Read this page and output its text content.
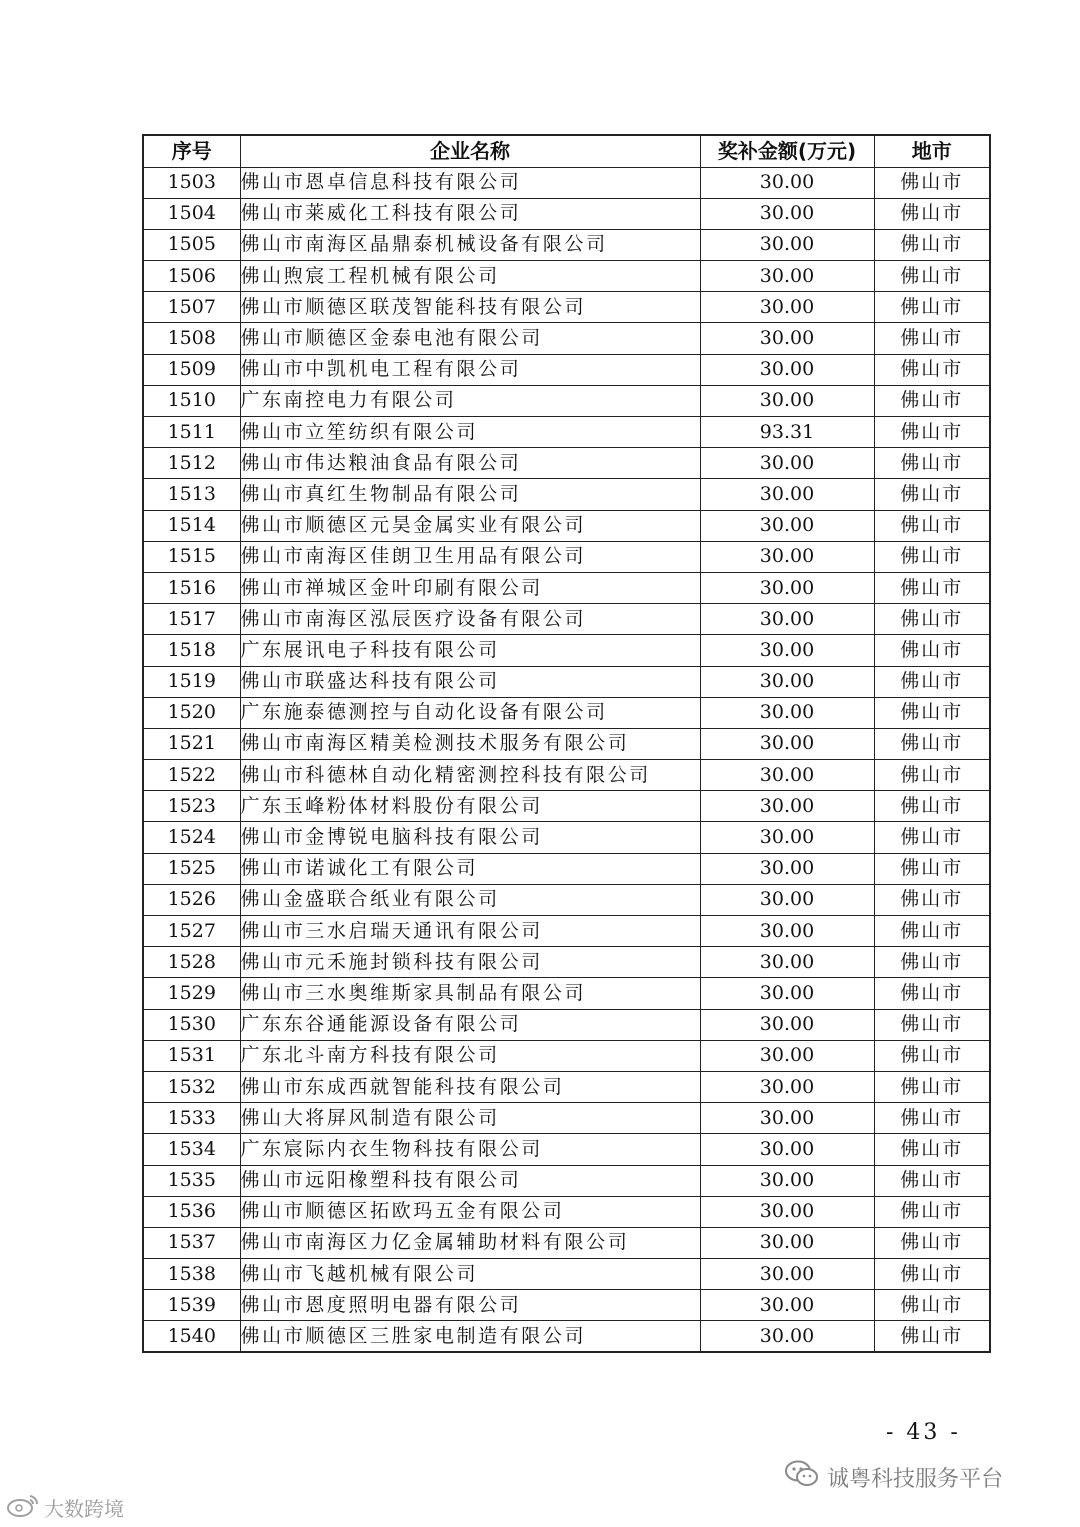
序号	企业名称	奖补金额(万元)	地市
1503	佛山市恩卓信息科技有限公司	30.00	佛山市
1504	佛山市莱威化工科技有限公司	30.00	佛山市
1505	佛山市南海区晶鼎泰机械设备有限公司	30.00	佛山市
1506	佛山煦宸工程机械有限公司	30.00	佛山市
1507	佛山市顺德区联茂智能科技有限公司	30.00	佛山市
1508	佛山市顺德区金泰电池有限公司	30.00	佛山市
1509	佛山市中凯机电工程有限公司	30.00	佛山市
1510	广东南控电力有限公司	30.00	佛山市
1511	佛山市立笙纺织有限公司	93.31	佛山市
1512	佛山市伟达粮油食品有限公司	30.00	佛山市
1513	佛山市真红生物制品有限公司	30.00	佛山市
1514	佛山市顺德区元昊金属实业有限公司	30.00	佛山市
1515	佛山市南海区佳朗卫生用品有限公司	30.00	佛山市
1516	佛山市禅城区金叶印刷有限公司	30.00	佛山市
1517	佛山市南海区泓辰医疗设备有限公司	30.00	佛山市
1518	广东展讯电子科技有限公司	30.00	佛山市
1519	佛山市联盛达科技有限公司	30.00	佛山市
1520	广东施泰德测控与自动化设备有限公司	30.00	佛山市
1521	佛山市南海区精美检测技术服务有限公司	30.00	佛山市
1522	佛山市科德林自动化精密测控科技有限公司	30.00	佛山市
1523	广东玉峰粉体材料股份有限公司	30.00	佛山市
1524	佛山市金博锐电脑科技有限公司	30.00	佛山市
1525	佛山市诺诚化工有限公司	30.00	佛山市
1526	佛山金盛联合纸业有限公司	30.00	佛山市
1527	佛山市三水启瑞天通讯有限公司	30.00	佛山市
1528	佛山市元禾施封锁科技有限公司	30.00	佛山市
1529	佛山市三水奥维斯家具制品有限公司	30.00	佛山市
1530	广东东谷通能源设备有限公司	30.00	佛山市
1531	广东北斗南方科技有限公司	30.00	佛山市
1532	佛山市东成西就智能科技有限公司	30.00	佛山市
1533	佛山大将屏风制造有限公司	30.00	佛山市
1534	广东宸际内衣生物科技有限公司	30.00	佛山市
1535	佛山市远阳橡塑科技有限公司	30.00	佛山市
1536	佛山市顺德区拓欧玛五金有限公司	30.00	佛山市
1537	佛山市南海区力亿金属辅助材料有限公司	30.00	佛山市
1538	佛山市飞越机械有限公司	30.00	佛山市
1539	佛山市恩度照明电器有限公司	30.00	佛山市
1540	佛山市顺德区三胜家电制造有限公司	30.00	佛山市
- 43 -
诚粤科技服务平台
大数跨境
